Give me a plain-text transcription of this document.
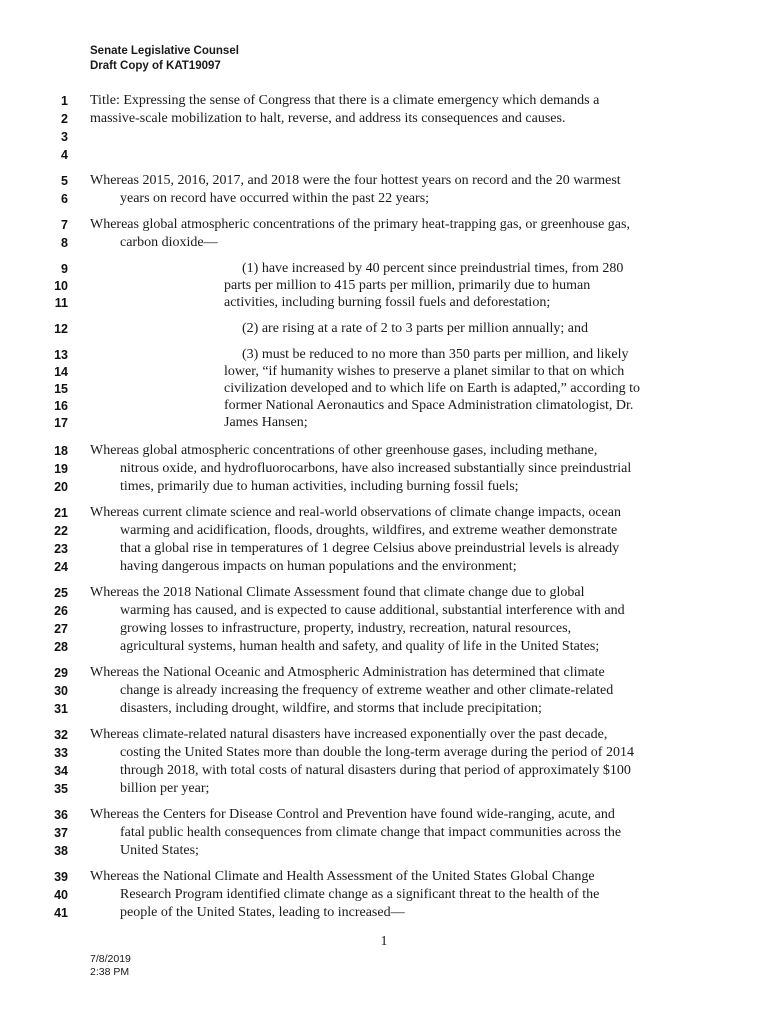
Senate Legislative Counsel
Draft Copy of KAT19097
1 Title: Expressing the sense of Congress that there is a climate emergency which demands a
2 massive-scale mobilization to halt, reverse, and address its consequences and causes.
3
4
5 Whereas 2015, 2016, 2017, and 2018 were the four hottest years on record and the 20 warmest
6	years on record have occurred within the past 22 years;
7 Whereas global atmospheric concentrations of the primary heat-trapping gas, or greenhouse gas,
8	carbon dioxide—
9	(1) have increased by 40 percent since preindustrial times, from 280
10	parts per million to 415 parts per million, primarily due to human
11	activities, including burning fossil fuels and deforestation;
12	(2) are rising at a rate of 2 to 3 parts per million annually; and
13	(3) must be reduced to no more than 350 parts per million, and likely
14	lower, “if humanity wishes to preserve a planet similar to that on which
15	civilization developed and to which life on Earth is adapted,” according to
16	former National Aeronautics and Space Administration climatologist, Dr.
17	James Hansen;
18 Whereas global atmospheric concentrations of other greenhouse gases, including methane,
19	nitrous oxide, and hydrofluorocarbons, have also increased substantially since preindustrial
20	times, primarily due to human activities, including burning fossil fuels;
21 Whereas current climate science and real-world observations of climate change impacts, ocean
22	warming and acidification, floods, droughts, wildfires, and extreme weather demonstrate
23	that a global rise in temperatures of 1 degree Celsius above preindustrial levels is already
24	having dangerous impacts on human populations and the environment;
25 Whereas the 2018 National Climate Assessment found that climate change due to global
26	warming has caused, and is expected to cause additional, substantial interference with and
27	growing losses to infrastructure, property, industry, recreation, natural resources,
28	agricultural systems, human health and safety, and quality of life in the United States;
29 Whereas the National Oceanic and Atmospheric Administration has determined that climate
30	change is already increasing the frequency of extreme weather and other climate-related
31	disasters, including drought, wildfire, and storms that include precipitation;
32 Whereas climate-related natural disasters have increased exponentially over the past decade,
33	costing the United States more than double the long-term average during the period of 2014
34	through 2018, with total costs of natural disasters during that period of approximately $100
35	billion per year;
36 Whereas the Centers for Disease Control and Prevention have found wide-ranging, acute, and
37	fatal public health consequences from climate change that impact communities across the
38	United States;
39 Whereas the National Climate and Health Assessment of the United States Global Change
40	Research Program identified climate change as a significant threat to the health of the
41	people of the United States, leading to increased—
1
7/8/2019
2:38 PM
